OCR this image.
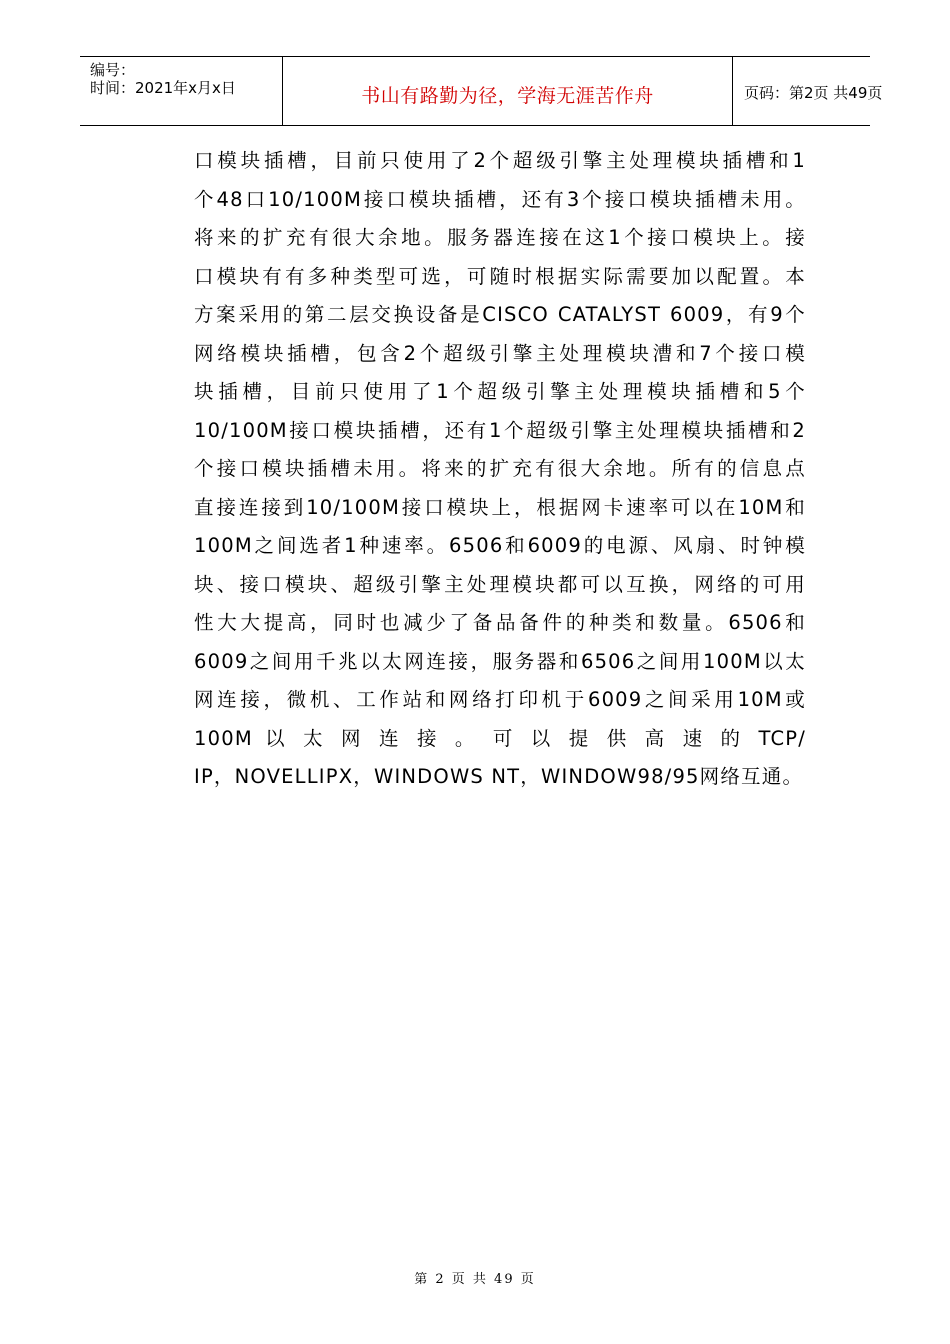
编号：
时间：2021年x月x日	书山有路勤为径，学海无涯苦作舟	页码：第2页 共49页
口模块插槽，目前只使用了2个超级引擎主处理模块插槽和1
个48口10/100M接口模块插槽，还有3个接口模块插槽未用。
将来的扩充有很大余地。服务器连接在这1个接口模块上。接
口模块有有多种类型可选，可随时根据实际需要加以配置。本
方案采用的第二层交换设备是CISCO CATALYST 6009，有9个
网络模块插槽，包含2个超级引擎主处理模块漕和7个接口模
块插槽，目前只使用了1个超级引擎主处理模块插槽和5个
10/100M接口模块插槽，还有1个超级引擎主处理模块插槽和2
个接口模块插槽未用。将来的扩充有很大余地。所有的信息点
直接连接到10/100M接口模块上，根据网卡速率可以在10M和
100M之间选者1种速率。6506和6009的电源、风扇、时钟模
块、接口模块、超级引擎主处理模块都可以互换，网络的可用
性大大提高，同时也减少了备品备件的种类和数量。6506和
6009之间用千兆以太网连接，服务器和6506之间用100M以太
网连接，微机、工作站和网络打印机于6009之间采用10M或
100M 以 太 网 连 接 。 可 以 提 供 高 速 的 TCP/
IP，NOVELLIPX，WINDOWS NT，WINDOW98/95网络互通。
第 2 页 共 49 页
